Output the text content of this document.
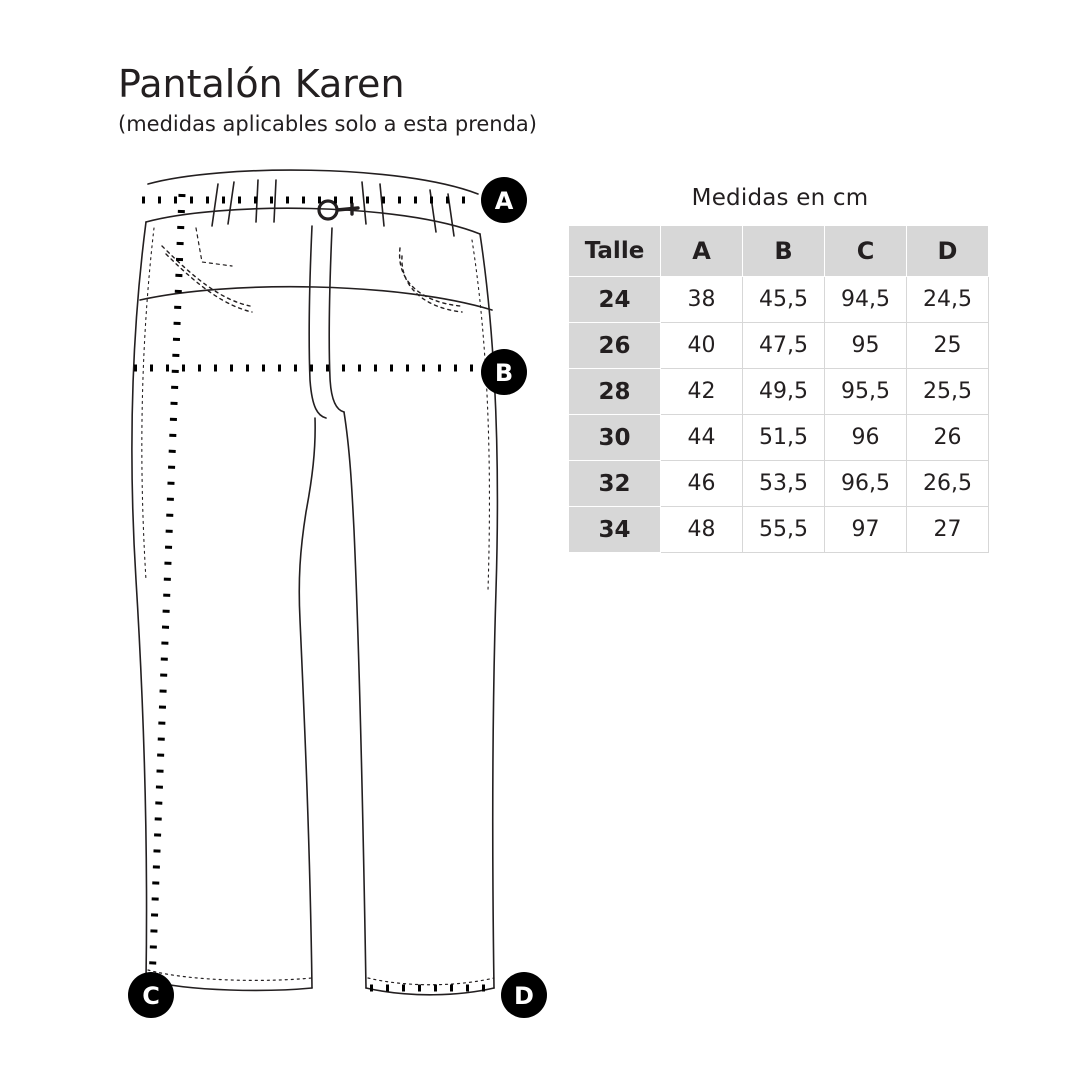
Pantalón Karen
(medidas aplicables solo a esta prenda)
A
B
C	D
Medidas en cm
Talle	A	B	C	D
24	38	45,5	94,5	24,5
26	40	47,5	95	25
28	42	49,5	95,5	25,5
30	44	51,5	96	26
32	46	53,5	96,5	26,5
34	48	55,5	97	27
